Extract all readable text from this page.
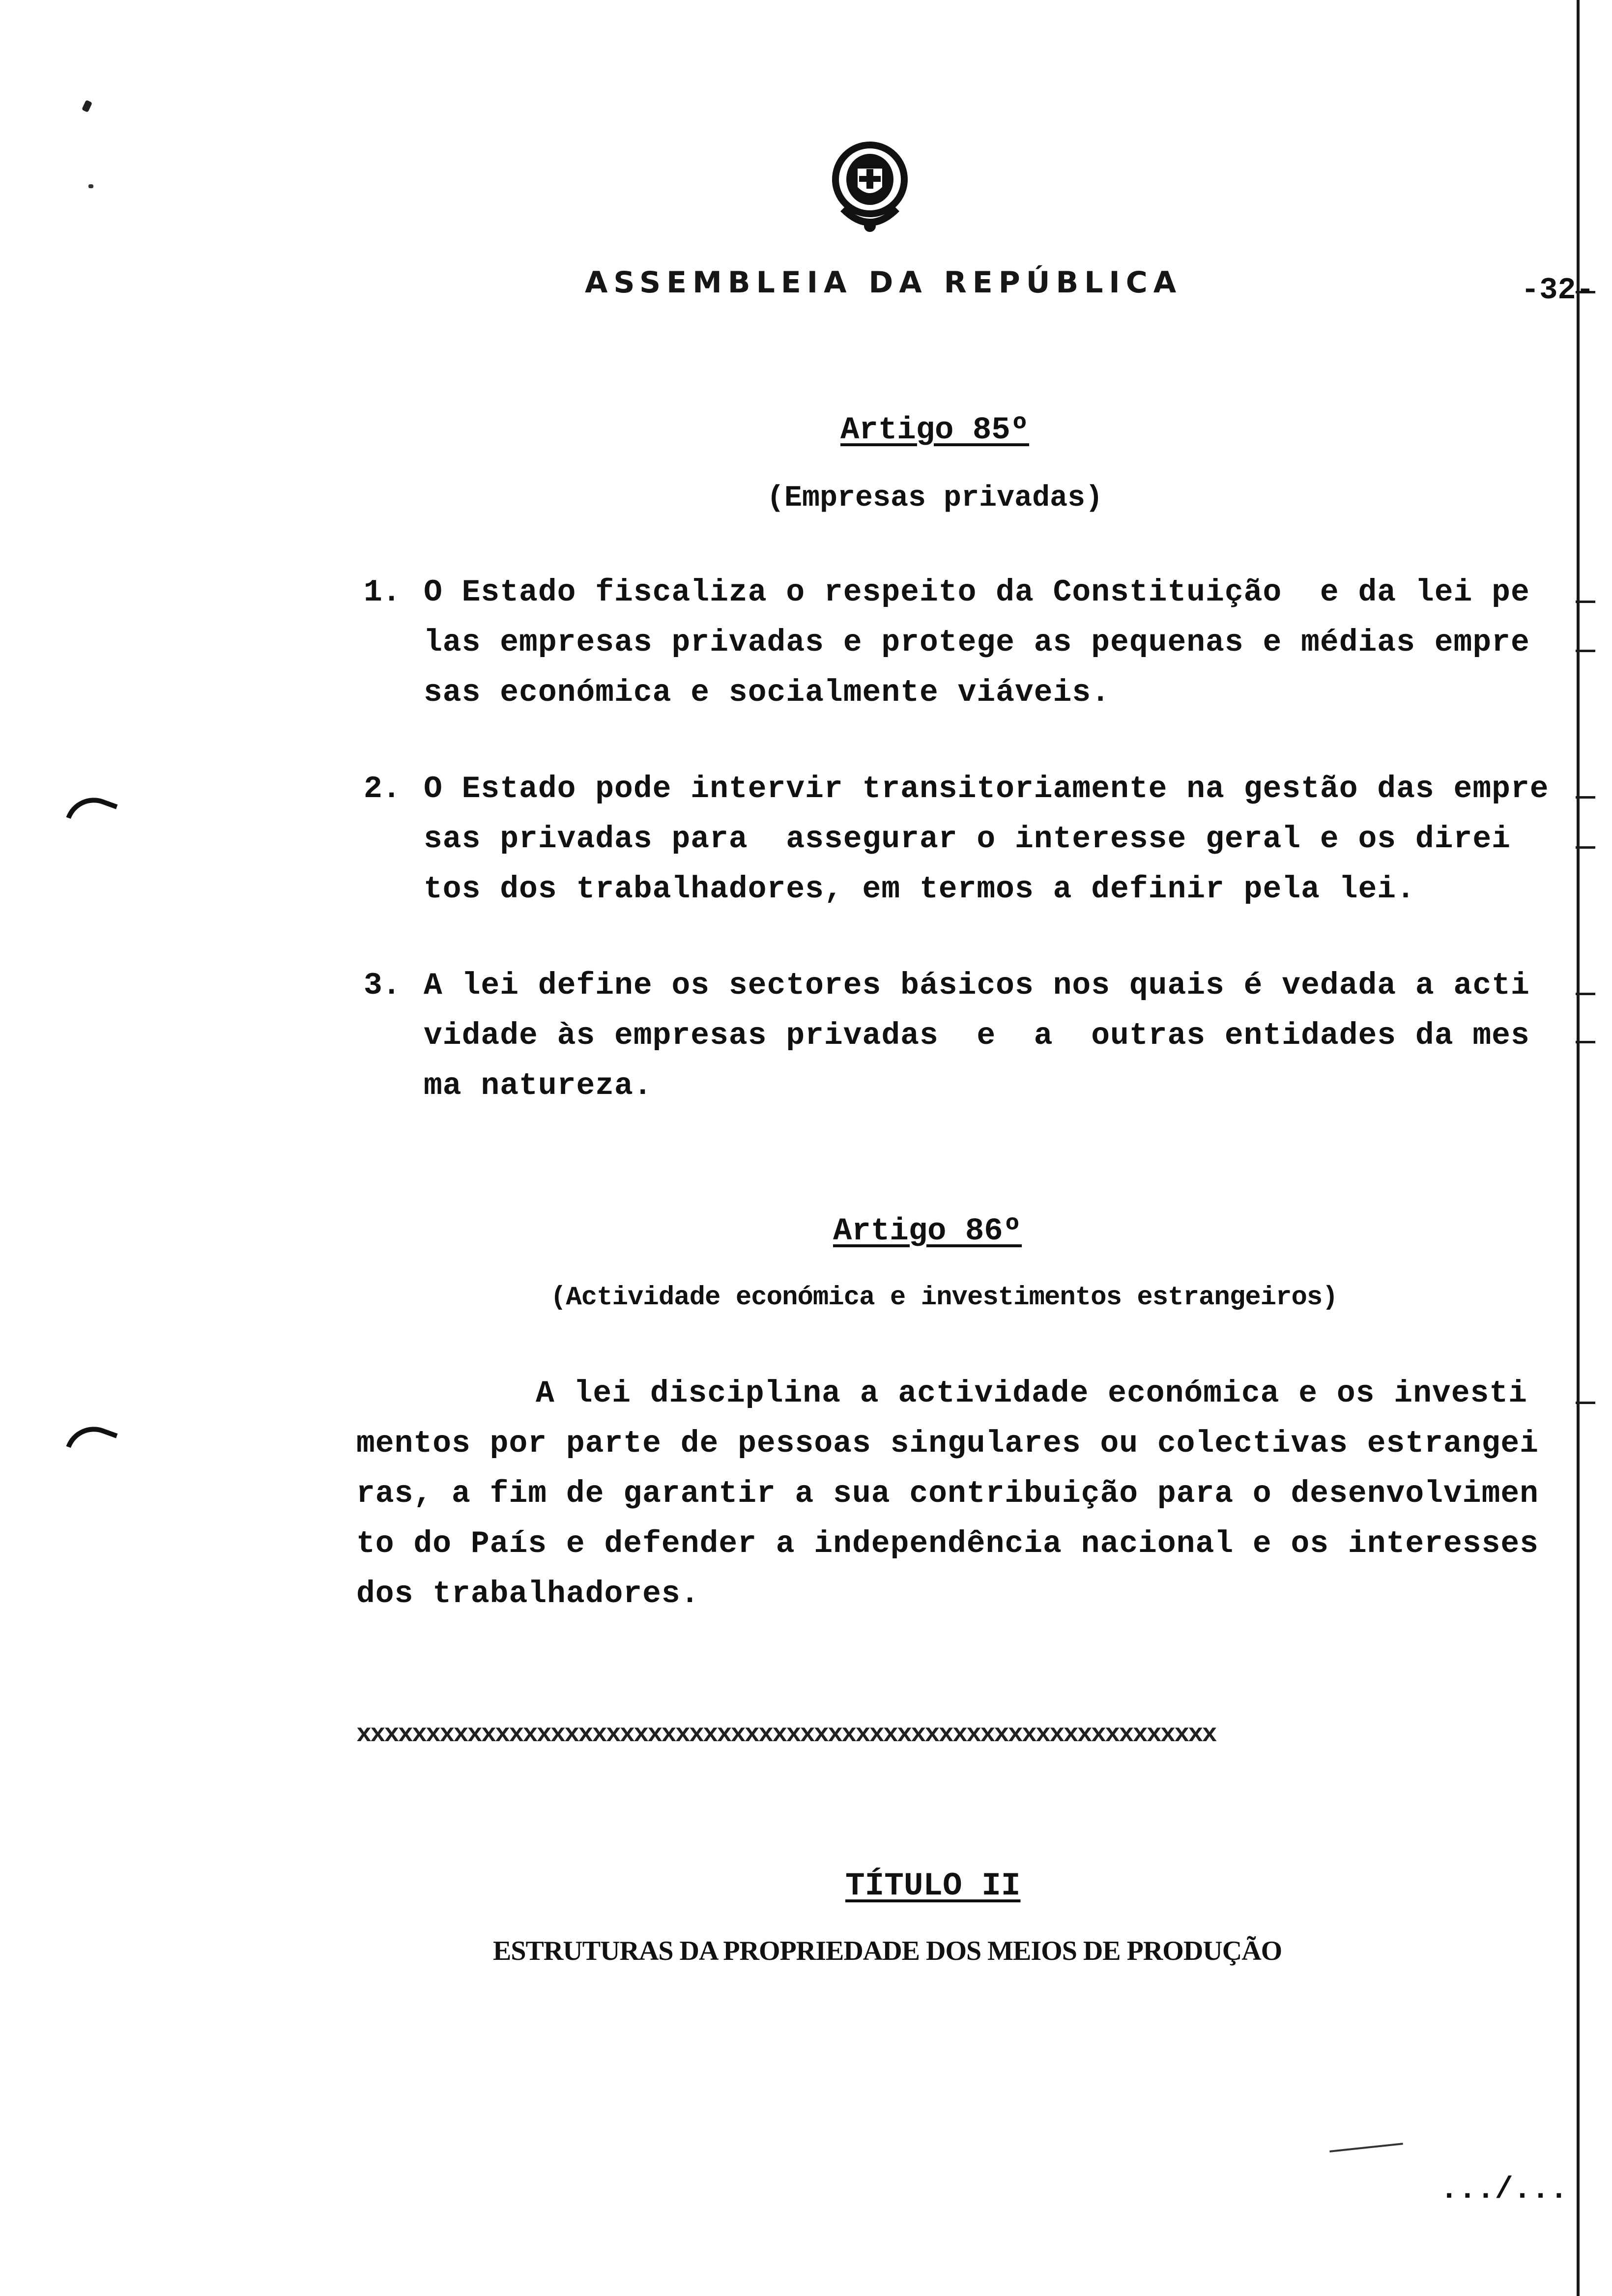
ASSEMBLEIA DA REPÚBLICA	-32-
Artigo 85º
(Empresas privadas)
1. O Estado fiscaliza o respeito da Constituição  e da lei pe
las empresas privadas e protege as pequenas e médias empre
sas económica e socialmente viáveis.
2. O Estado pode intervir transitoriamente na gestão das empre
sas privadas para  assegurar o interesse geral e os direi
tos dos trabalhadores, em termos a definir pela lei.
3. A lei define os sectores básicos nos quais é vedada a acti
vidade às empresas privadas  e  a  outras entidades da mes
ma natureza.
Artigo 86º
(Actividade económica e investimentos estrangeiros)
A lei disciplina a actividade económica e os investi
mentos por parte de pessoas singulares ou colectivas estrangei
ras, a fim de garantir a sua contribuição para o desenvolvimen
to do País e defender a independência nacional e os interesses
dos trabalhadores.
xxxxxxxxxxxxxxxxxxxxxxxxxxxxxxxxxxxxxxxxxxxxxxxxxxxxxxxxxxxxxx
TÍTULO II
ESTRUTURAS DA PROPRIEDADE DOS MEIOS DE PRODUÇÃO
.../...
